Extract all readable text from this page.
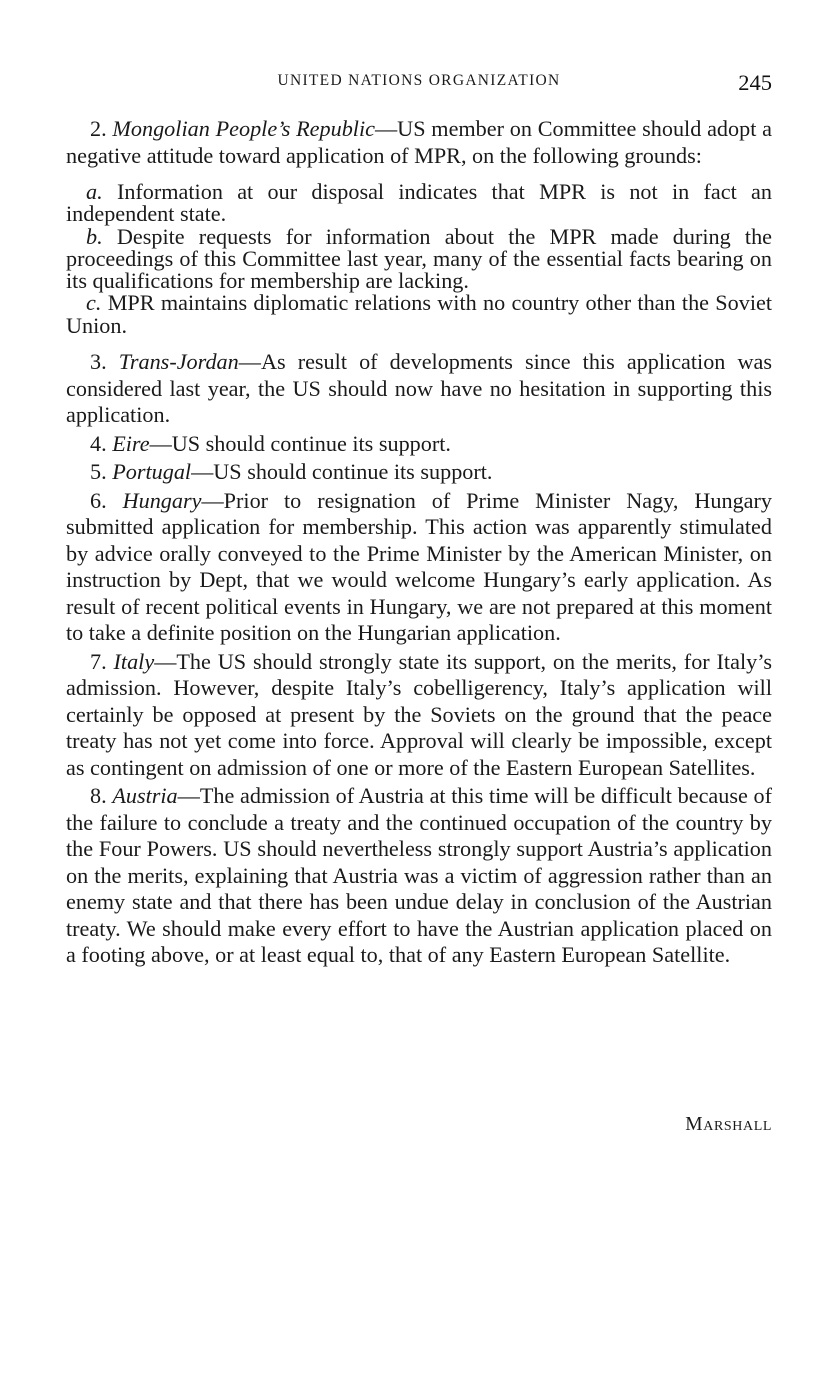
UNITED NATIONS ORGANIZATION	245

2. Mongolian People’s Republic—US member on Committee should adopt a negative attitude toward application of MPR, on the following grounds:

a. Information at our disposal indicates that MPR is not in fact an independent state.

b. Despite requests for information about the MPR made during the proceedings of this Committee last year, many of the essential facts bearing on its qualifications for membership are lacking.

c. MPR maintains diplomatic relations with no country other than the Soviet Union.

3. Trans-Jordan—As result of developments since this application was considered last year, the US should now have no hesitation in supporting this application.

4. Eire—US should continue its support.

5. Portugal—US should continue its support.

6. Hungary—Prior to resignation of Prime Minister Nagy, Hungary submitted application for membership. This action was apparently stimulated by advice orally conveyed to the Prime Minister by the American Minister, on instruction by Dept, that we would welcome Hungary’s early application. As result of recent political events in Hungary, we are not prepared at this moment to take a definite position on the Hungarian application.

7. Italy—The US should strongly state its support, on the merits, for Italy’s admission. However, despite Italy’s cobelligerency, Italy’s application will certainly be opposed at present by the Soviets on the ground that the peace treaty has not yet come into force. Approval will clearly be impossible, except as contingent on admission of one or more of the Eastern European Satellites.

8. Austria—The admission of Austria at this time will be difficult because of the failure to conclude a treaty and the continued occupation of the country by the Four Powers. US should nevertheless strongly support Austria’s application on the merits, explaining that Austria was a victim of aggression rather than an enemy state and that there has been undue delay in conclusion of the Austrian treaty. We should make every effort to have the Austrian application placed on a footing above, or at least equal to, that of any Eastern European Satellite.

Marshall
